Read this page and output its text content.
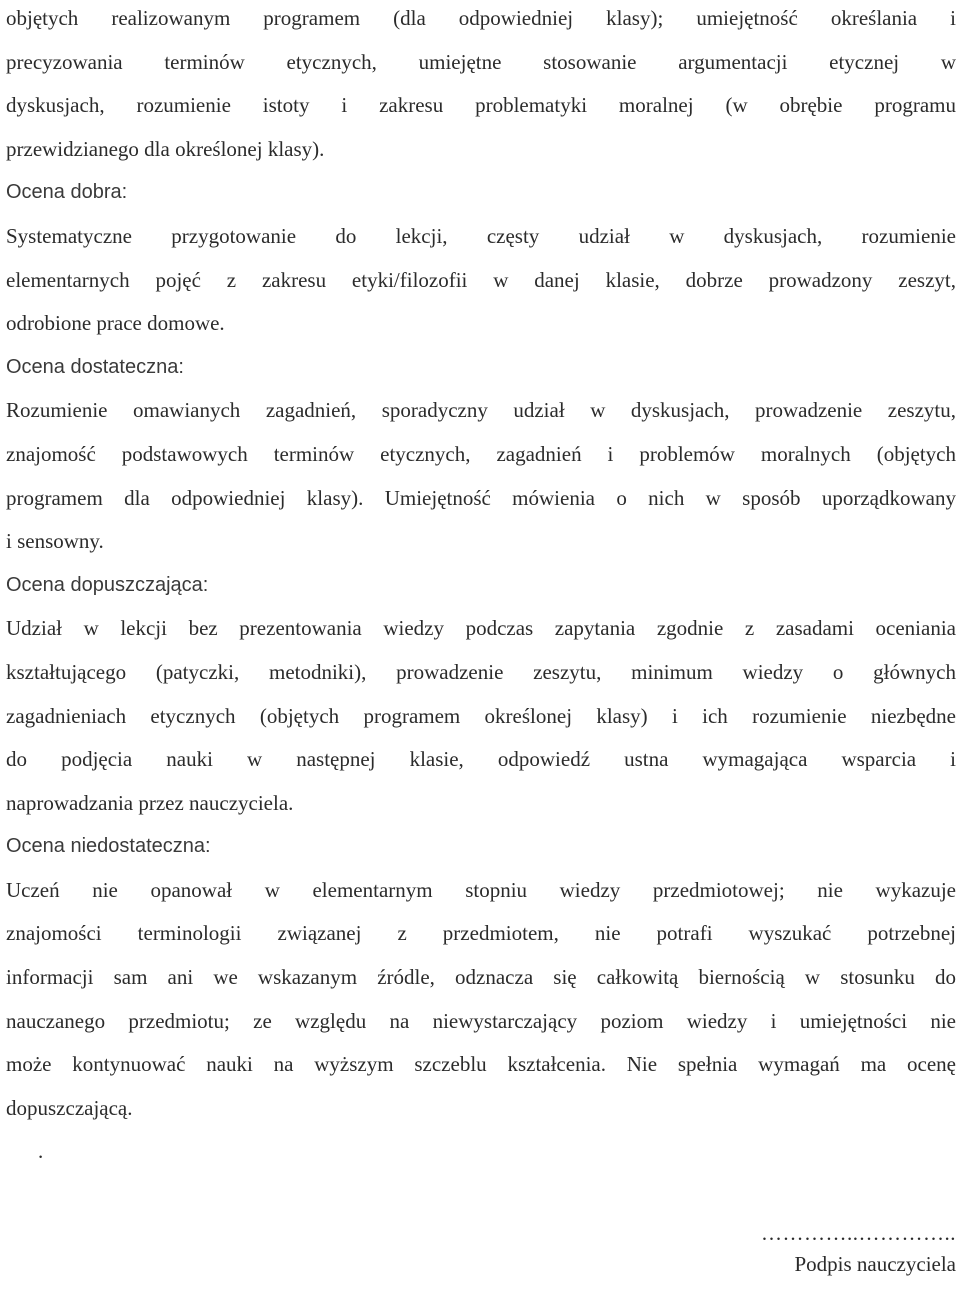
objętych realizowanym programem (dla odpowiedniej klasy); umiejętność określania i
precyzowania terminów etycznych, umiejętne stosowanie argumentacji etycznej w
dyskusjach, rozumienie istoty i zakresu problematyki moralnej (w obrębie programu
przewidzianego dla określonej klasy).

Ocena dobra:

Systematyczne przygotowanie do lekcji, częsty udział w dyskusjach, rozumienie
elementarnych pojęć z zakresu etyki/filozofii w danej klasie, dobrze prowadzony zeszyt,
odrobione prace domowe.

Ocena dostateczna:

Rozumienie omawianych zagadnień, sporadyczny udział w dyskusjach, prowadzenie zeszytu,
znajomość podstawowych terminów etycznych, zagadnień i problemów moralnych (objętych
programem dla odpowiedniej klasy). Umiejętność mówienia o nich w sposób uporządkowany
i sensowny.

Ocena dopuszczająca:

Udział w lekcji bez prezentowania wiedzy podczas zapytania zgodnie z zasadami oceniania
kształtującego (patyczki, metodniki), prowadzenie zeszytu, minimum wiedzy o głównych
zagadnieniach etycznych (objętych programem określonej klasy) i ich rozumienie niezbędne
do podjęcia nauki w następnej klasie, odpowiedź ustna wymagająca wsparcia i
naprowadzania przez nauczyciela.

Ocena niedostateczna:

Uczeń nie opanował w elementarnym stopniu wiedzy przedmiotowej; nie wykazuje
znajomości terminologii związanej z przedmiotem, nie potrafi wyszukać potrzebnej
informacji sam ani we wskazanym źródle, odznacza się całkowitą biernością w stosunku do
nauczanego przedmiotu; ze względu na niewystarczający poziom wiedzy i umiejętności nie
może kontynuować nauki na wyższym szczeblu kształcenia. Nie spełnia wymagań ma ocenę
dopuszczającą.

.

…………..…………..
Podpis nauczyciela
